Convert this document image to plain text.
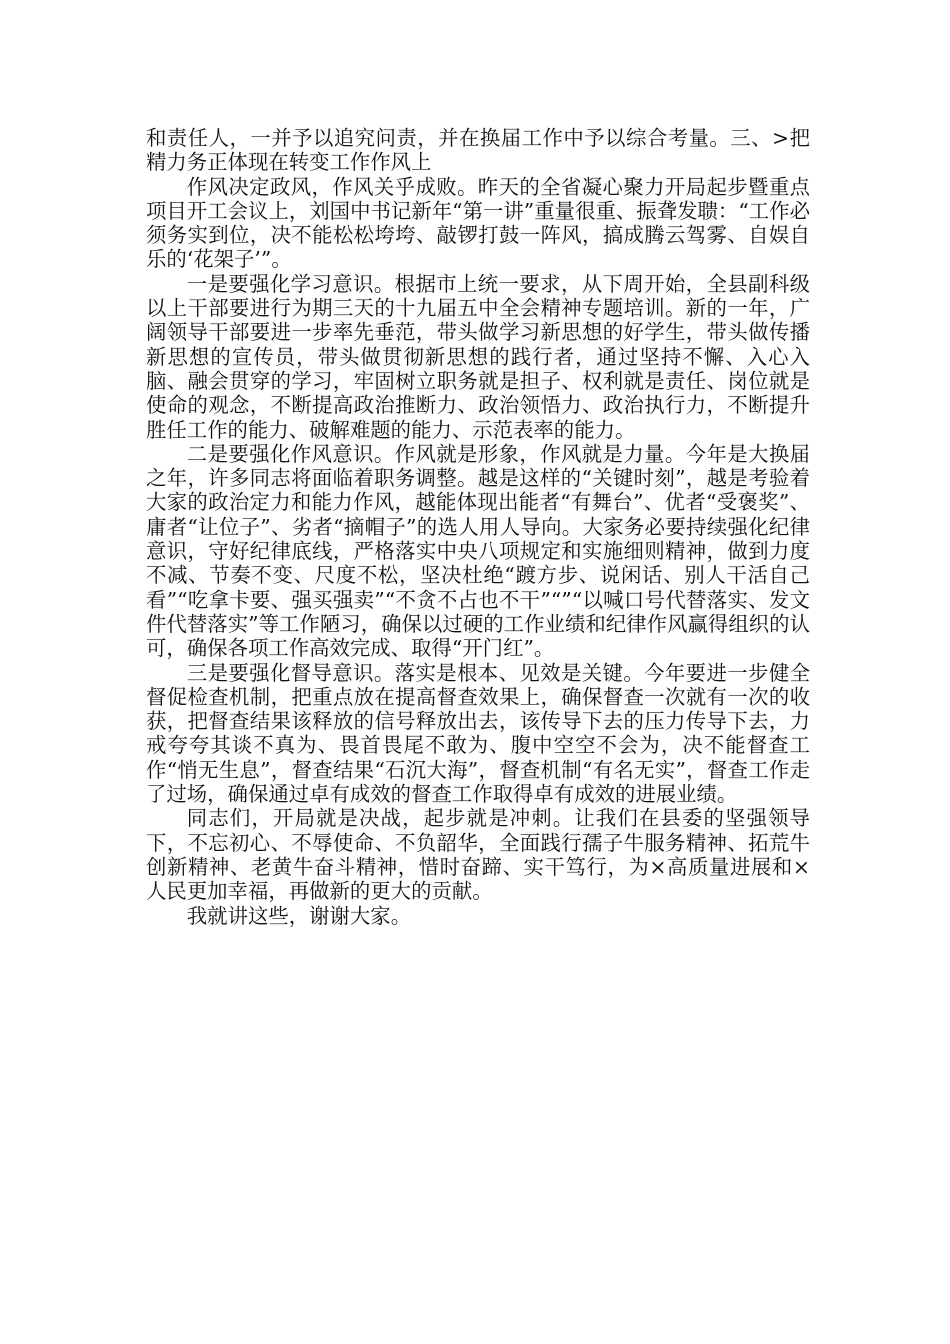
和责任人，一并予以追究问责，并在换届工作中予以综合考量。三、>把精力务正体现在转变工作作风上

作风决定政风，作风关乎成败。昨天的全省凝心聚力开局起步暨重点项目开工会议上，刘国中书记新年“第一讲”重量很重、振聋发聩：“工作必须务实到位，决不能松松垮垮、敲锣打鼓一阵风，搞成腾云驾雾、自娱自乐的‘花架子’”。

一是要强化学习意识。根据市上统一要求，从下周开始，全县副科级以上干部要进行为期三天的十九届五中全会精神专题培训。新的一年，广阔领导干部要进一步率先垂范，带头做学习新思想的好学生，带头做传播新思想的宣传员，带头做贯彻新思想的践行者，通过坚持不懈、入心入脑、融会贯穿的学习，牢固树立职务就是担子、权利就是责任、岗位就是使命的观念，不断提高政治推断力、政治领悟力、政治执行力，不断提升胜任工作的能力、破解难题的能力、示范表率的能力。

二是要强化作风意识。作风就是形象，作风就是力量。今年是大换届之年，许多同志将面临着职务调整。越是这样的“关键时刻”，越是考验着大家的政治定力和能力作风，越能体现出能者“有舞台”、优者“受褒奖”、庸者“让位子”、劣者“摘帽子”的选人用人导向。大家务必要持续强化纪律意识，守好纪律底线，严格落实中央八项规定和实施细则精神，做到力度不减、节奏不变、尺度不松，坚决杜绝“踱方步、说闲话、别人干活自己看”“吃拿卡要、强买强卖”“不贪不占也不干”“”“以喊口号代替落实、发文件代替落实”等工作陋习，确保以过硬的工作业绩和纪律作风赢得组织的认可，确保各项工作高效完成、取得“开门红”。

三是要强化督导意识。落实是根本、见效是关键。今年要进一步健全督促检查机制，把重点放在提高督查效果上，确保督查一次就有一次的收获，把督查结果该释放的信号释放出去，该传导下去的压力传导下去，力戒夸夸其谈不真为、畏首畏尾不敢为、腹中空空不会为，决不能督查工作“悄无生息”，督查结果“石沉大海”，督查机制“有名无实”，督查工作走了过场，确保通过卓有成效的督查工作取得卓有成效的进展业绩。

同志们，开局就是决战，起步就是冲刺。让我们在县委的坚强领导下，不忘初心、不辱使命、不负韶华，全面践行孺子牛服务精神、拓荒牛创新精神、老黄牛奋斗精神，惜时奋蹄、实干笃行，为×高质量进展和×人民更加幸福，再做新的更大的贡献。

我就讲这些，谢谢大家。
